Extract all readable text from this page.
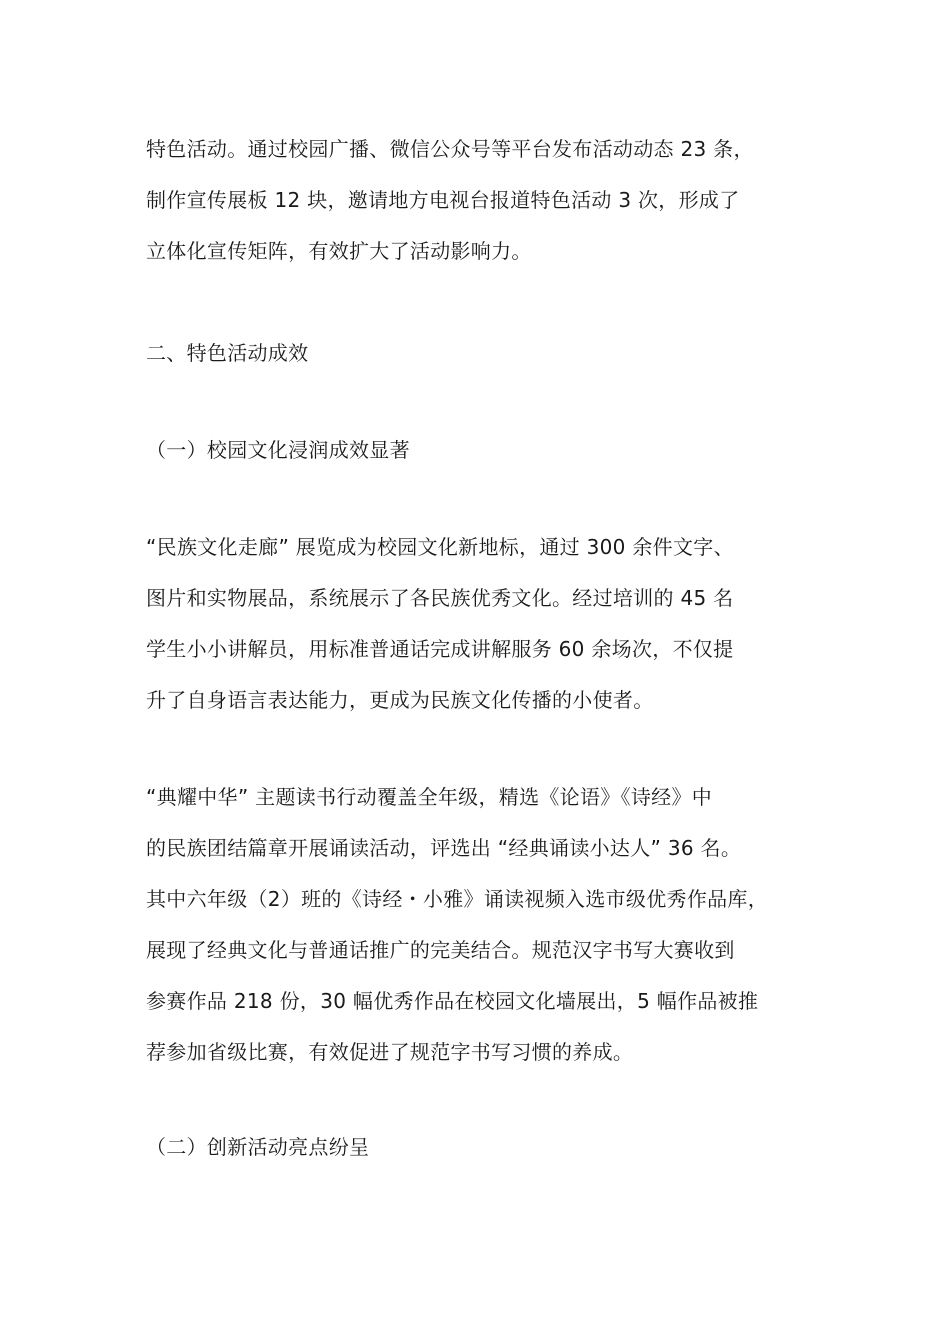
特色活动。通过校园广播、微信公众号等平台发布活动动态 23 条，
制作宣传展板 12 块，邀请地方电视台报道特色活动 3 次，形成了
立体化宣传矩阵，有效扩大了活动影响力。
二、特色活动成效
（一）校园文化浸润成效显著
“民族文化走廊” 展览成为校园文化新地标，通过 300 余件文字、
图片和实物展品，系统展示了各民族优秀文化。经过培训的 45 名
学生小小讲解员，用标准普通话完成讲解服务 60 余场次，不仅提
升了自身语言表达能力，更成为民族文化传播的小使者。
“典耀中华” 主题读书行动覆盖全年级，精选《论语》《诗经》中
的民族团结篇章开展诵读活动，评选出 “经典诵读小达人” 36 名。
其中六年级（2）班的《诗经・小雅》诵读视频入选市级优秀作品库，
展现了经典文化与普通话推广的完美结合。规范汉字书写大赛收到
参赛作品 218 份，30 幅优秀作品在校园文化墙展出，5 幅作品被推
荐参加省级比赛，有效促进了规范字书写习惯的养成。
（二）创新活动亮点纷呈
